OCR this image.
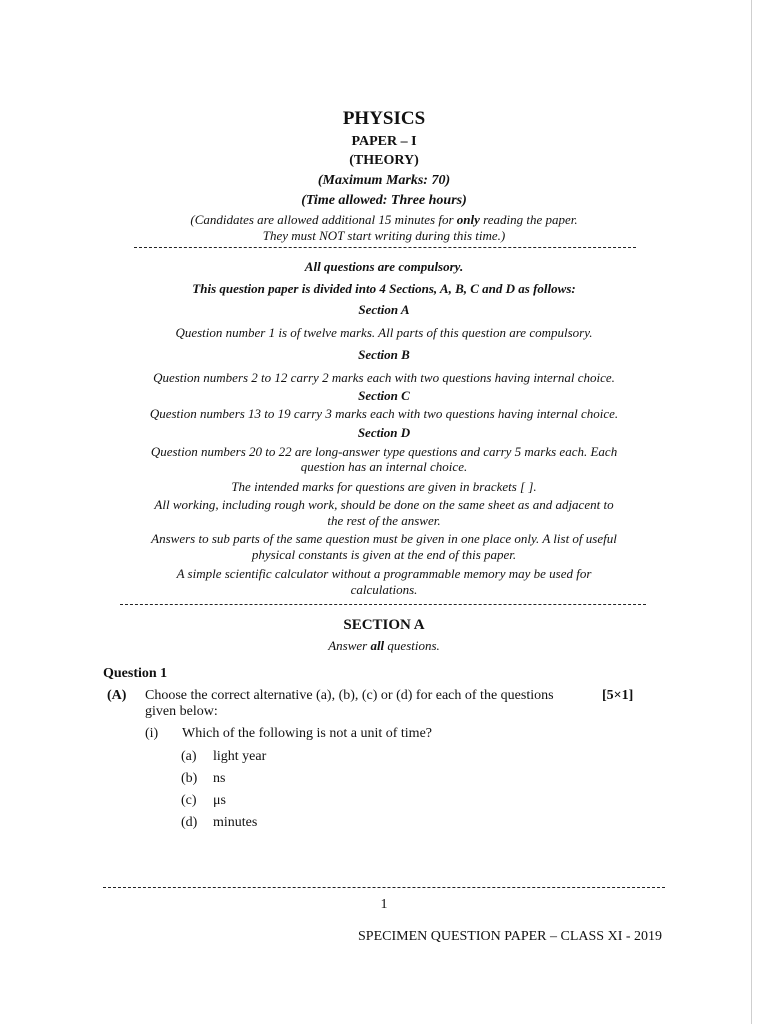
PHYSICS
PAPER – I
(THEORY)
(Maximum Marks: 70)
(Time allowed: Three hours)
(Candidates are allowed additional 15 minutes for only reading the paper.
They must NOT start writing during this time.)
All questions are compulsory.
This question paper is divided into 4 Sections, A, B, C and D as follows:
Section A
Question number 1 is of twelve marks. All parts of this question are compulsory.
Section B
Question numbers 2 to 12 carry 2 marks each with two questions having internal choice.
Section C
Question numbers 13 to 19 carry 3 marks each with two questions having internal choice.
Section D
Question numbers 20 to 22 are long-answer type questions and carry 5 marks each. Each
question has an internal choice.
The intended marks for questions are given in brackets [ ].
All working, including rough work, should be done on the same sheet as and adjacent to
the rest of the answer.
Answers to sub parts of the same question must be given in one place only. A list of useful
physical constants is given at the end of this paper.
A simple scientific calculator without a programmable memory may be used for
calculations.
SECTION A
Answer all questions.
Question 1
(A) Choose the correct alternative (a), (b), (c) or (d) for each of the questions
given below:
[5×1]
(i) Which of the following is not a unit of time?
(a) light year
(b) ns
(c) μs
(d) minutes
1
SPECIMEN QUESTION PAPER – CLASS XI - 2019
